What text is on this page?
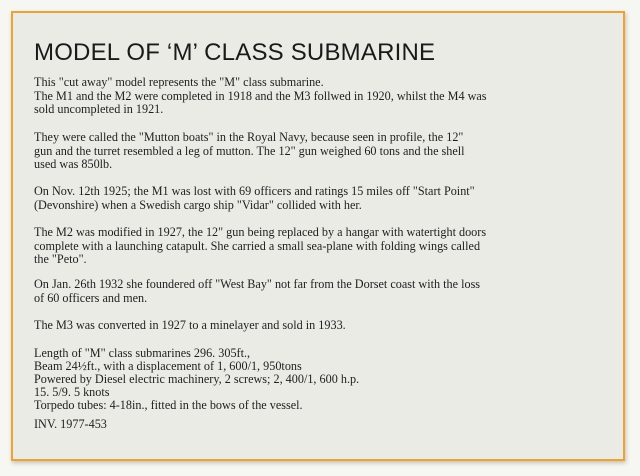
MODEL OF ‘M’ CLASS SUBMARINE

This "cut away" model represents the "M" class submarine.
The M1 and the M2 were completed in 1918 and the M3 follwed in 1920, whilst the M4 was
sold uncompleted in 1921.

They were called the "Mutton boats" in the Royal Navy, because seen in profile, the 12"
gun and the turret resembled a leg of mutton. The 12" gun weighed 60 tons and the shell
used was 850lb.

On Nov. 12th 1925; the M1 was lost with 69 officers and ratings 15 miles off "Start Point"
(Devonshire) when a Swedish cargo ship "Vidar" collided with her.

The M2 was modified in 1927, the 12" gun being replaced by a hangar with watertight doors
complete with a launching catapult. She carried a small sea-plane with folding wings called
the "Peto".

On Jan. 26th 1932 she foundered off "West Bay" not far from the Dorset coast with the loss
of 60 officers and men.

The M3 was converted in 1927 to a minelayer and sold in 1933.

Length of "M" class submarines 296. 305ft.,
Beam 24½ft., with a displacement of 1, 600/1, 950tons
Powered by Diesel electric machinery, 2 screws; 2, 400/1, 600 h.p.
15. 5/9. 5 knots
Torpedo tubes: 4-18in., fitted in the bows of the vessel.

INV. 1977-453
